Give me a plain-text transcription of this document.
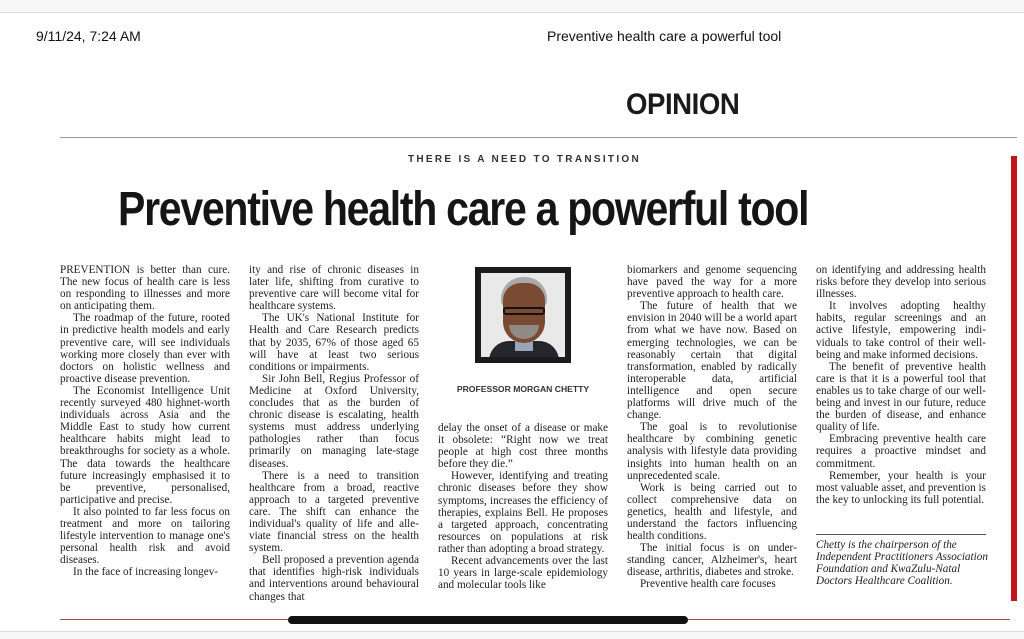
9/11/24, 7:24 AM	Preventive health care a powerful tool
OPINION
THERE IS A NEED TO TRANSITION
Preventive health care a powerful tool

PREVENTION is better than cure. The new focus of health care is less on responding to illnesses and more on anticipating them.

The roadmap of the future, rooted in predictive health models and early preventive care, will see individuals working more closely than ever with doctors on holistic wellness and proactive disease prevention.

The Economist Intelligence Unit recently surveyed 480 highnet-worth individuals across Asia and the Middle East to study how current healthcare habits might lead to breakthroughs for society as a whole. The data towards the healthcare future increasingly emphasised it to be preventive, personalised, participative and precise.

It also pointed to far less focus on treatment and more on tailoring lifestyle intervention to manage one's personal health risk and avoid diseases.

In the face of increasing longev-

ity and rise of chronic diseases in later life, shifting from curative to preventive care will become vital for healthcare systems.

The UK's National Institute for Health and Care Research predicts that by 2035, 67% of those aged 65 will have at least two serious conditions or impairments.

Sir John Bell, Regius Professor of Medicine at Oxford University, concludes that as the burden of chronic disease is escalating, health systems must address underlying pathologies rather than focus primarily on managing late-stage diseases.

There is a need to transition healthcare from a broad, reactive approach to a targeted preventive care. The shift can enhance the individual's quality of life and alleviate financial stress on the health system.

Bell proposed a prevention agenda that identifies high-risk individuals and interventions around behavioural changes that

PROFESSOR MORGAN CHETTY

delay the onset of a disease or make it obsolete: “Right now we treat people at high cost three months before they die.”

However, identifying and treating chronic diseases before they show symptoms, increases the efficiency of therapies, explains Bell. He proposes a targeted approach, concentrating resources on populations at risk rather than adopting a broad strategy.

Recent advancements over the last 10 years in large-scale epidemiology and molecular tools like

biomarkers and genome sequencing have paved the way for a more preventive approach to health care.

The future of health that we envision in 2040 will be a world apart from what we have now. Based on emerging technologies, we can be reasonably certain that digital transformation, enabled by radically interoperable data, artificial intelligence and open secure platforms will drive much of the change.

The goal is to revolutionise healthcare by combining genetic analysis with lifestyle data providing insights into human health on an unprecedented scale.

Work is being carried out to collect comprehensive data on genetics, health and lifestyle, and understand the factors influencing health conditions.

The initial focus is on understanding cancer, Alzheimer's, heart disease, arthritis, diabetes and stroke.

Preventive health care focuses

on identifying and addressing health risks before they develop into serious illnesses.

It involves adopting healthy habits, regular screenings and an active lifestyle, empowering individuals to take control of their well-being and make informed decisions.

The benefit of preventive health care is that it is a powerful tool that enables us to take charge of our well-being and invest in our future, reduce the burden of disease, and enhance quality of life.

Embracing preventive health care requires a proactive mindset and commitment.

Remember, your health is your most valuable asset, and prevention is the key to unlocking its full potential.

Chetty is the chairperson of the Independent Practitioners Association Foundation and KwaZulu-Natal Doctors Healthcare Coalition.
